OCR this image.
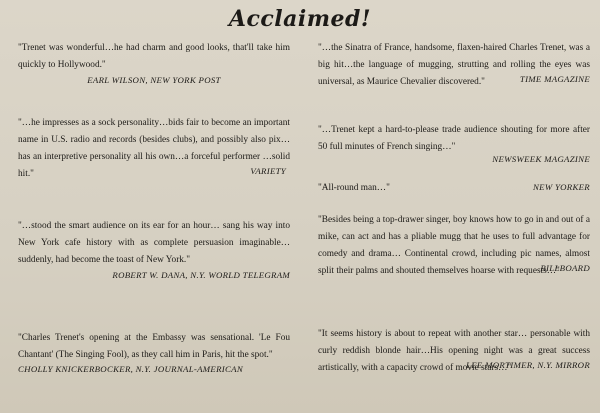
Acclaimed!
"Trenet was wonderful…he had charm and good looks, that'll take him quickly to Hollywood."
EARL WILSON, NEW YORK POST
"…he impresses as a sock personality…bids fair to become an important name in U.S. radio and records (besides clubs), and possibly also pix…has an interpretive personality all his own…a forceful performer …solid hit."	VARIETY
"…stood the smart audience on its ear for an hour… sang his way into New York cafe history with as complete persuasion imaginable…suddenly, had become the toast of New York."
ROBERT W. DANA, N.Y. WORLD TELEGRAM
"Charles Trenet's opening at the Embassy was sensational. 'Le Fou Chantant' (The Singing Fool), as they call him in Paris, hit the spot."
CHOLLY KNICKERBOCKER, N.Y. JOURNAL-AMERICAN
"…the Sinatra of France, handsome, flaxen-haired Charles Trenet, was a big hit…the language of mugging, strutting and rolling the eyes was universal, as Maurice Chevalier discovered."	TIME MAGAZINE
"…Trenet kept a hard-to-please trade audience shouting for more after 50 full minutes of French singing…"
NEWSWEEK MAGAZINE
"All-round man…"	NEW YORKER
"Besides being a top-drawer singer, boy knows how to go in and out of a mike, can act and has a pliable mugg that he uses to full advantage for comedy and drama… Continental crowd, including pic names, almost split their palms and shouted themselves hoarse with requests…"
BILLBOARD
"It seems history is about to repeat with another star… personable with curly reddish blonde hair…His opening night was a great success artistically, with a capacity crowd of movie stars…"
LEE MORTIMER, N.Y. MIRROR
